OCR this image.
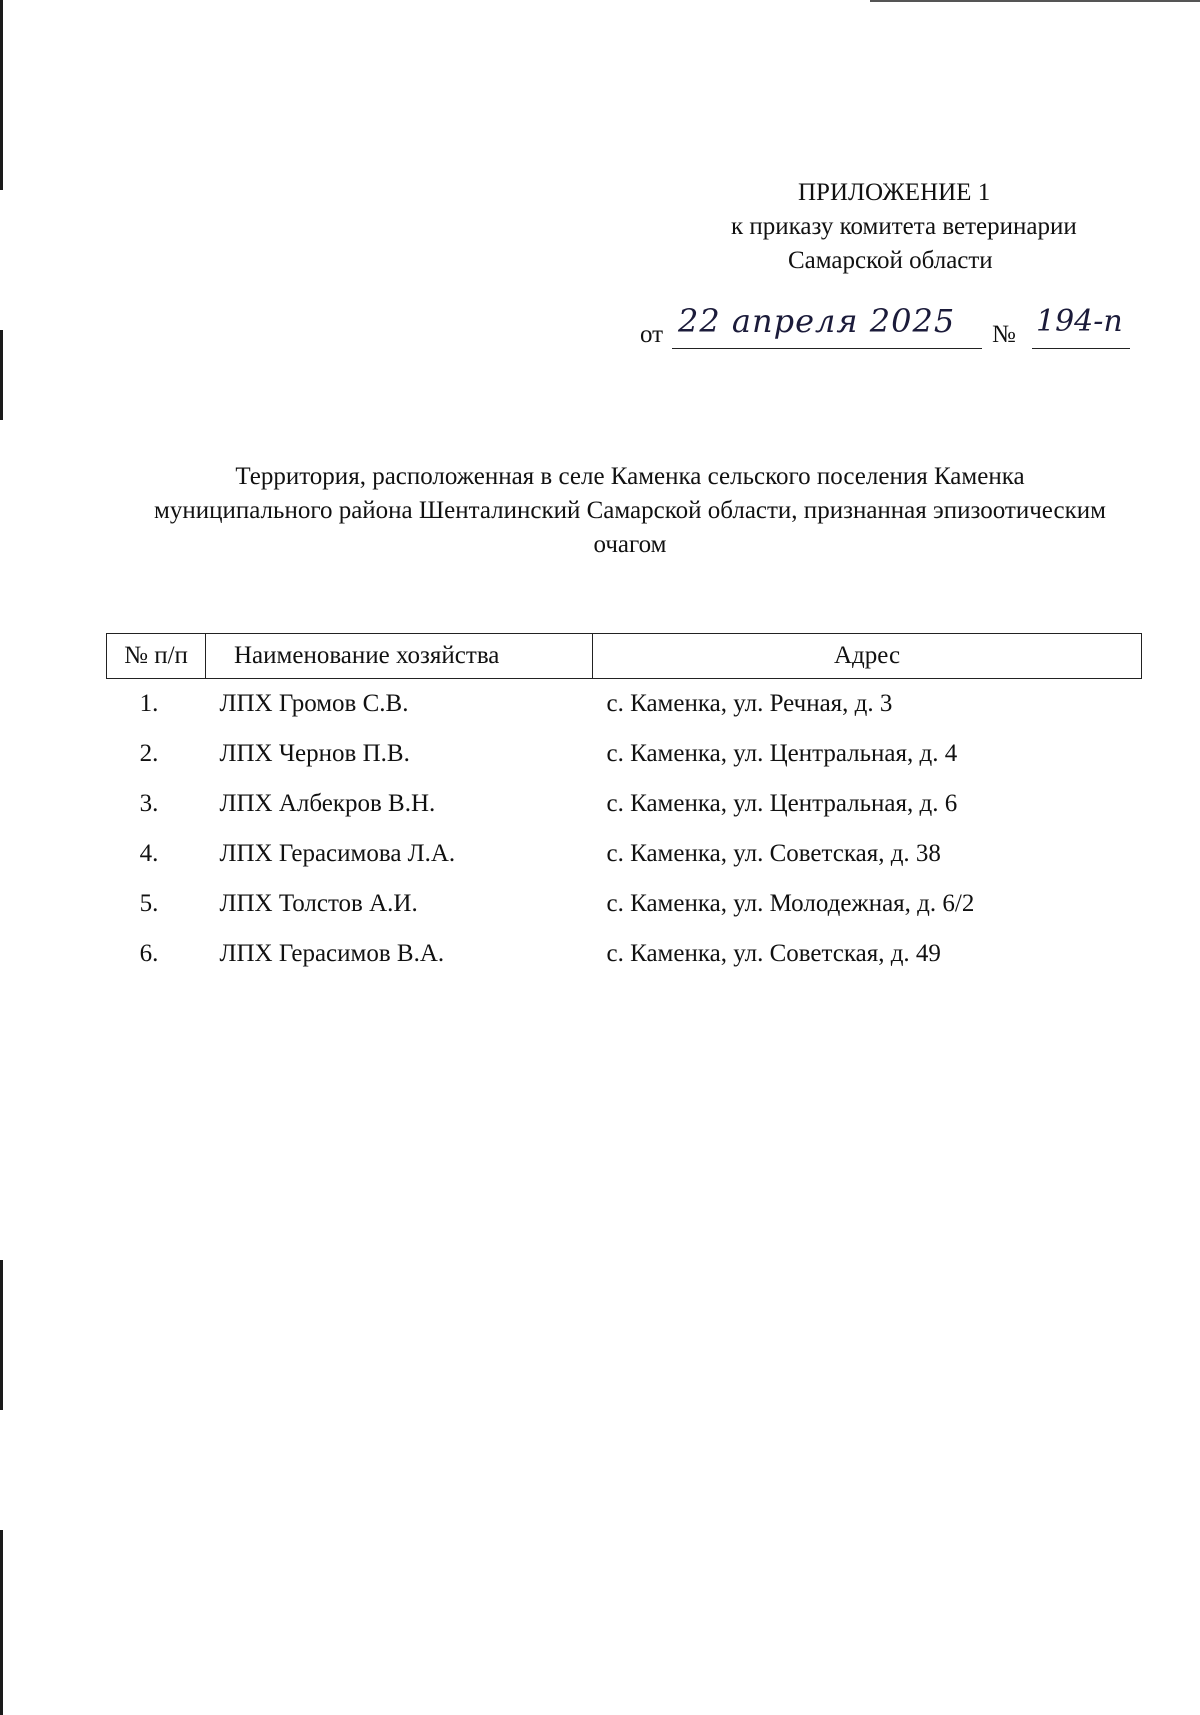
ПРИЛОЖЕНИЕ 1
к приказу комитета ветеринарии
Самарской области
от 22 апреля 2025 № 194-п
Территория, расположенная в селе Каменка сельского поселения Каменка муниципального района Шенталинский Самарской области, признанная эпизоотическим очагом
№ п/п	Наименование хозяйства	Адрес
1.	ЛПХ Громов С.В.	с. Каменка, ул. Речная, д. 3
2.	ЛПХ Чернов П.В.	с. Каменка, ул. Центральная, д. 4
3.	ЛПХ Албекров В.Н.	с. Каменка, ул. Центральная, д. 6
4.	ЛПХ Герасимова Л.А.	с. Каменка, ул. Советская, д. 38
5.	ЛПХ Толстов А.И.	с. Каменка, ул. Молодежная, д. 6/2
6.	ЛПХ Герасимов В.А.	с. Каменка, ул. Советская, д. 49
